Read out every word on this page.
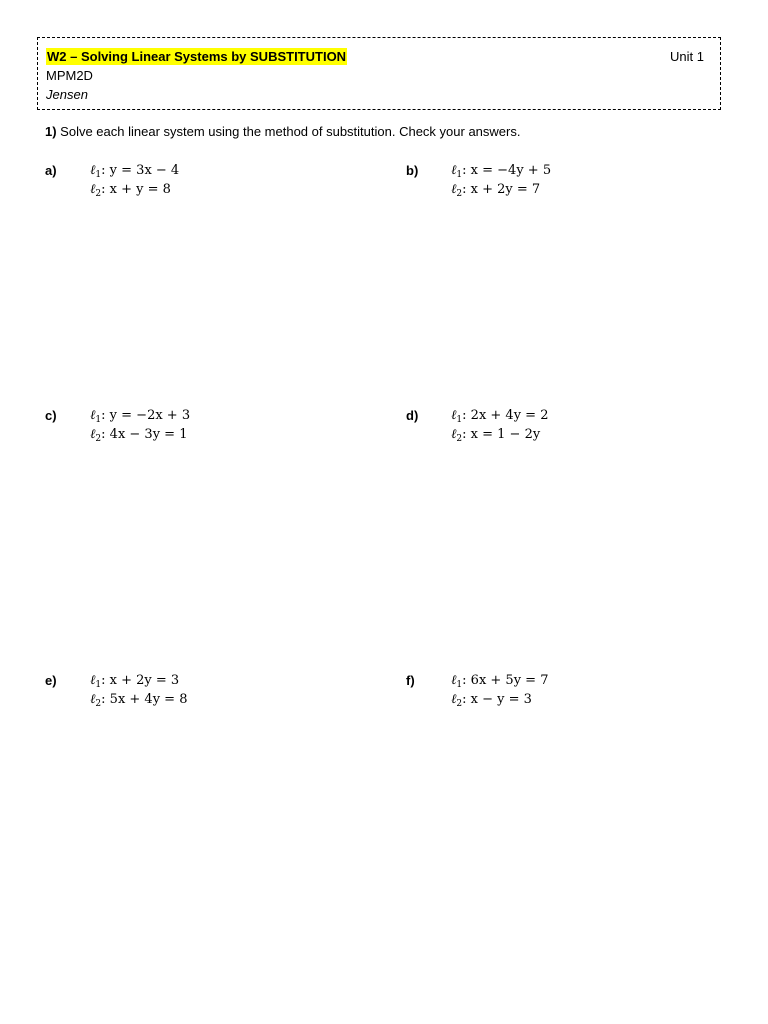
W2 – Solving Linear Systems by SUBSTITUTION	Unit 1
MPM2D
Jensen
1) Solve each linear system using the method of substitution. Check your answers.
a)	ℓ$_1$: y = 3x − 4
ℓ$_2$: x + y = 8
b)	ℓ$_1$: x = −4y + 5
ℓ$_2$: x + 2y = 7
c)	ℓ$_1$: y = −2x + 3
ℓ$_2$: 4x − 3y = 1
d)	ℓ$_1$: 2x + 4y = 2
ℓ$_2$: x = 1 − 2y
e)	ℓ$_1$: x + 2y = 3
ℓ$_2$: 5x + 4y = 8
f)	ℓ$_1$: 6x + 5y = 7
ℓ$_2$: x − y = 3
